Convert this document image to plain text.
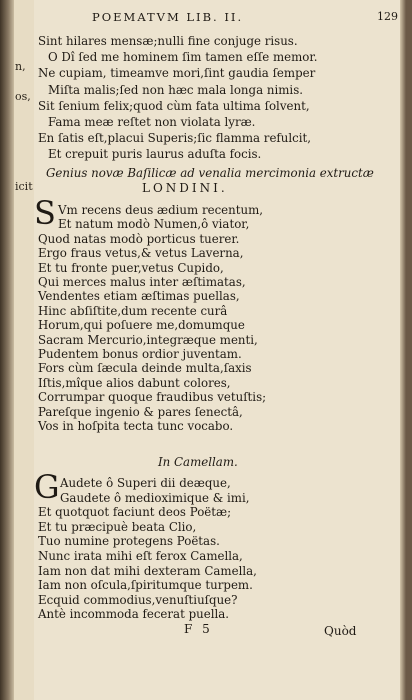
n,
os,
icit
POEMATVM LIB. II.	129
Sint hilares mensæ;nulli fine conjuge risus.
O Dî ſed me hominem ſim tamen eſſe memor.
Ne cupiam, timeamve mori,ſint gaudia ſemper
Miſta malis;ſed non hæc mala longa nimis.
Sit ſenium felix;quod cùm fata ultima ſolvent,
Fama meæ reſtet non violata lyræ.
En ſatis eſt,placui Superis;ſic flamma refulcit,
Et crepuit puris laurus aduſta focis.
Genius novæ Baſilicæ ad venalia mercimonia extructæ
LONDINI.
S Vm recens deus ædium recentum,
Et natum modò Numen,ô viator,
Quod natas modò porticus tuerer.
Ergo fraus vetus,& vetus Laverna,
Et tu fronte puer,vetus Cupido,
Qui merces malus inter æſtimatas,
Vendentes etiam æſtimas puellas,
Hinc abſiſtite,dum recente curâ
Horum,qui poſuere me,domumque
Sacram Mercurio,integræque menti,
Pudentem bonus ordior juventam.
Fors cùm ſæcula deinde multa,ſaxis
Iſtis,mîque alios dabunt colores,
Corrumpar quoque fraudibus vetuſtis;
Pareſque ingenio & pares ſenectâ,
Vos in hoſpita tecta tunc vocabo.
In Camellam.
G Audete ô Superi dii deæque,
Gaudete ô medioximique & imi,
Et quotquot faciunt deos Poëtæ;
Et tu præcipuè beata Clio,
Tuo numine protegens Poëtas.
Nunc irata mihi eſt ferox Camella,
Iam non dat mihi dexteram Camella,
Iam non oſcula,ſpiritumque turpem.
Ecquid commodius,venuſtiuſque?
Antè incommoda fecerat puella.
F 5	Quòd
